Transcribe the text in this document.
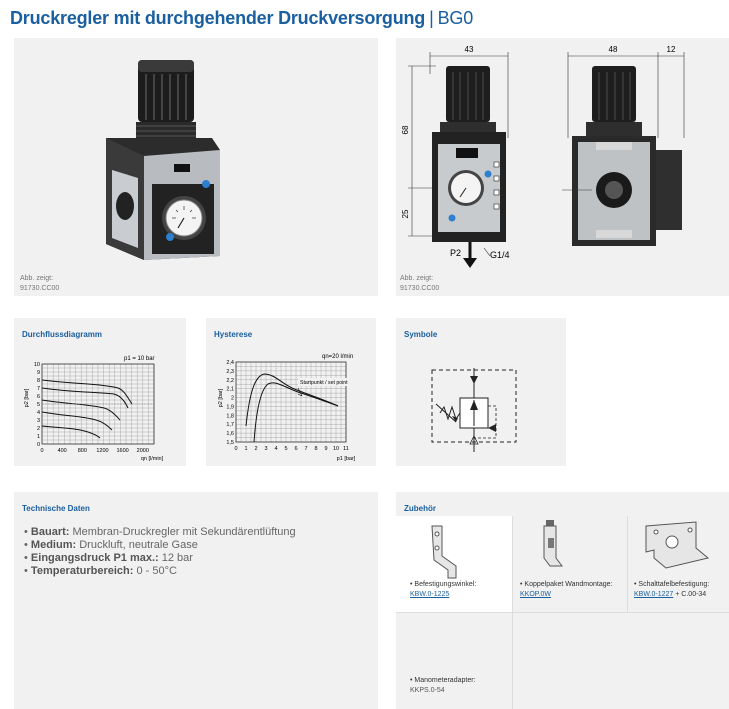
Druckregler mit durchgehender Druckversorgung | BG0
Abb. zeigt:
91730.CC00
43
68
25
P2	G1/4
48	12
Abb. zeigt:
91730.CC00
Durchflussdiagramm
p1 = 10 bar
p2 [bar]
10
9
8
7
6
5
4
3
2
1
0
0	400 800 1200 1600 2000
qn [l/min]
Hysterese
qn=20 l/min
p2 [bar]
2,4
2,3
2,2
2,1
2
1,9
1,8
1,7
1,6
1,5
0 1 2 3 4 5 6 7 8 9 10 11
p1 [bar]
Startpunkt / set point
Symbole
Technische Daten
• Bauart: Membran-Druckregler mit Sekundärentlüftung
• Medium: Druckluft, neutrale Gase
• Eingangsdruck P1 max.: 12 bar
• Temperaturbereich: 0 - 50°C
Zubehör
• Befestigungswinkel:
KBW.0-1225
• Koppelpaket Wandmontage:
KKOP.0W
• Schalttafelbefestigung:
KBW.0-1227 + C.00-34
• Manometeradapter:
KKPS.0-54
